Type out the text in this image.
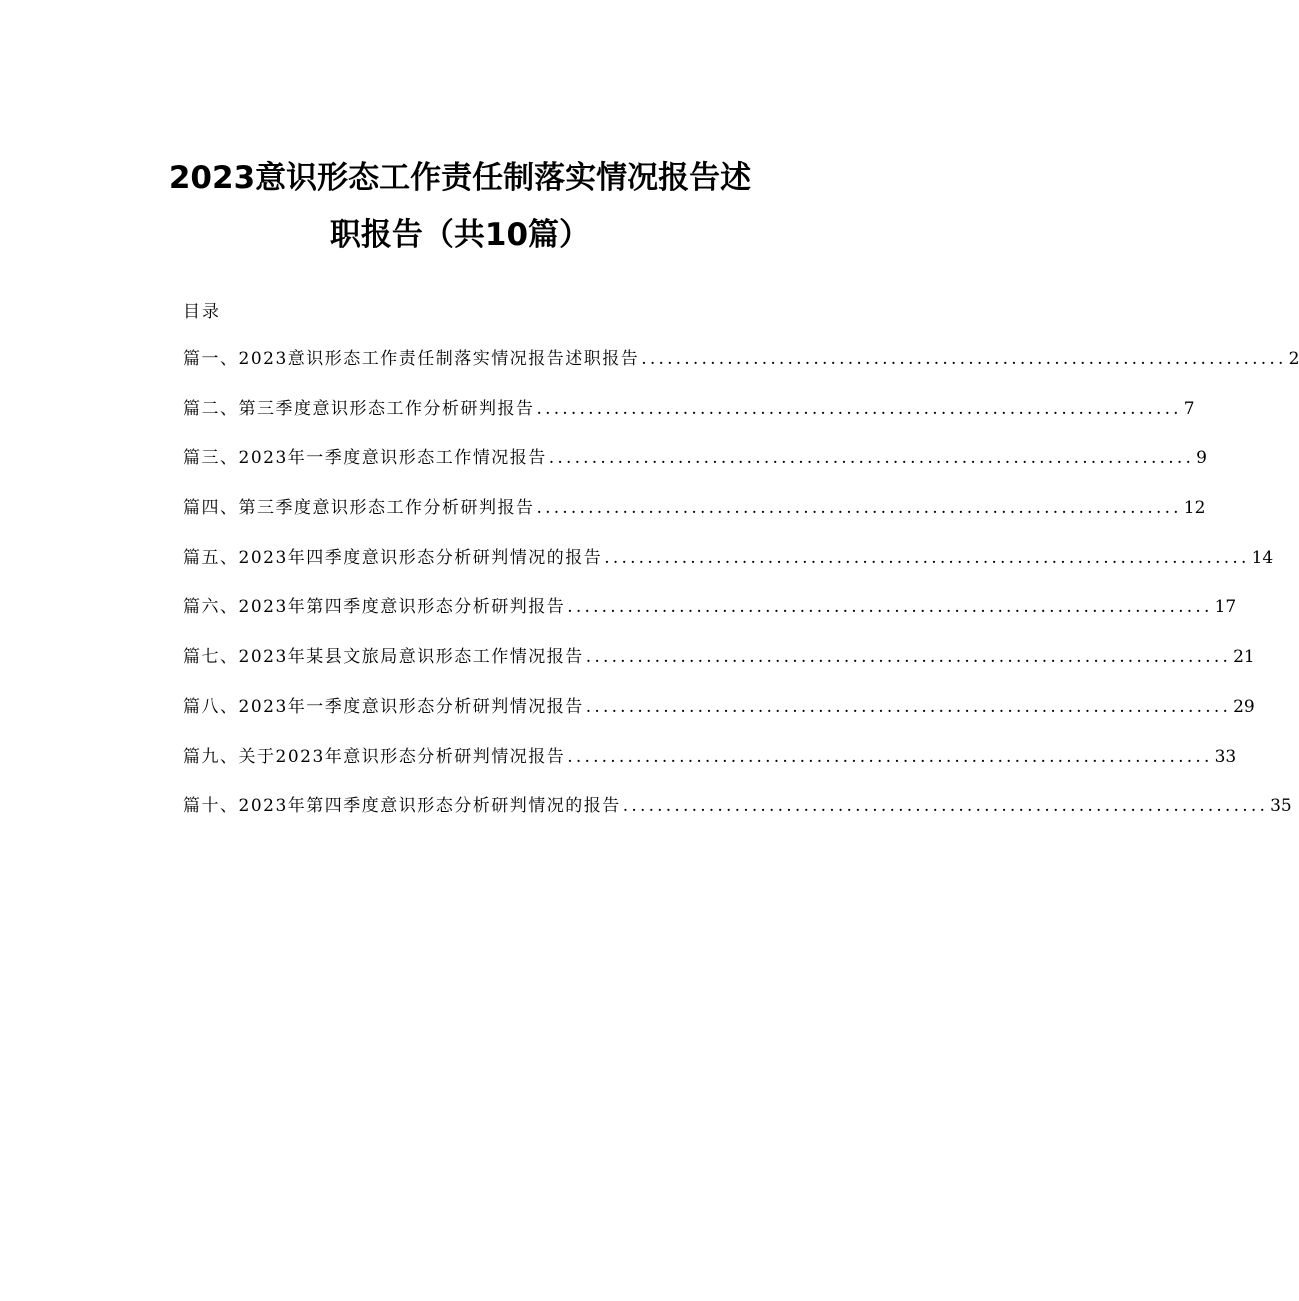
2023意识形态工作责任制落实情况报告述
职报告（共10篇）
目录
篇一、2023意识形态工作责任制落实情况报告述职报告 ........................................................................... 2
篇二、第三季度意识形态工作分析研判报告 ........................................................................... 7
篇三、2023年一季度意识形态工作情况报告 ........................................................................... 9
篇四、第三季度意识形态工作分析研判报告 ........................................................................... 12
篇五、2023年四季度意识形态分析研判情况的报告 ........................................................................... 14
篇六、2023年第四季度意识形态分析研判报告 ........................................................................... 17
篇七、2023年某县文旅局意识形态工作情况报告 ........................................................................... 21
篇八、2023年一季度意识形态分析研判情况报告 ........................................................................... 29
篇九、关于2023年意识形态分析研判情况报告 ........................................................................... 33
篇十、2023年第四季度意识形态分析研判情况的报告 ........................................................................... 35
